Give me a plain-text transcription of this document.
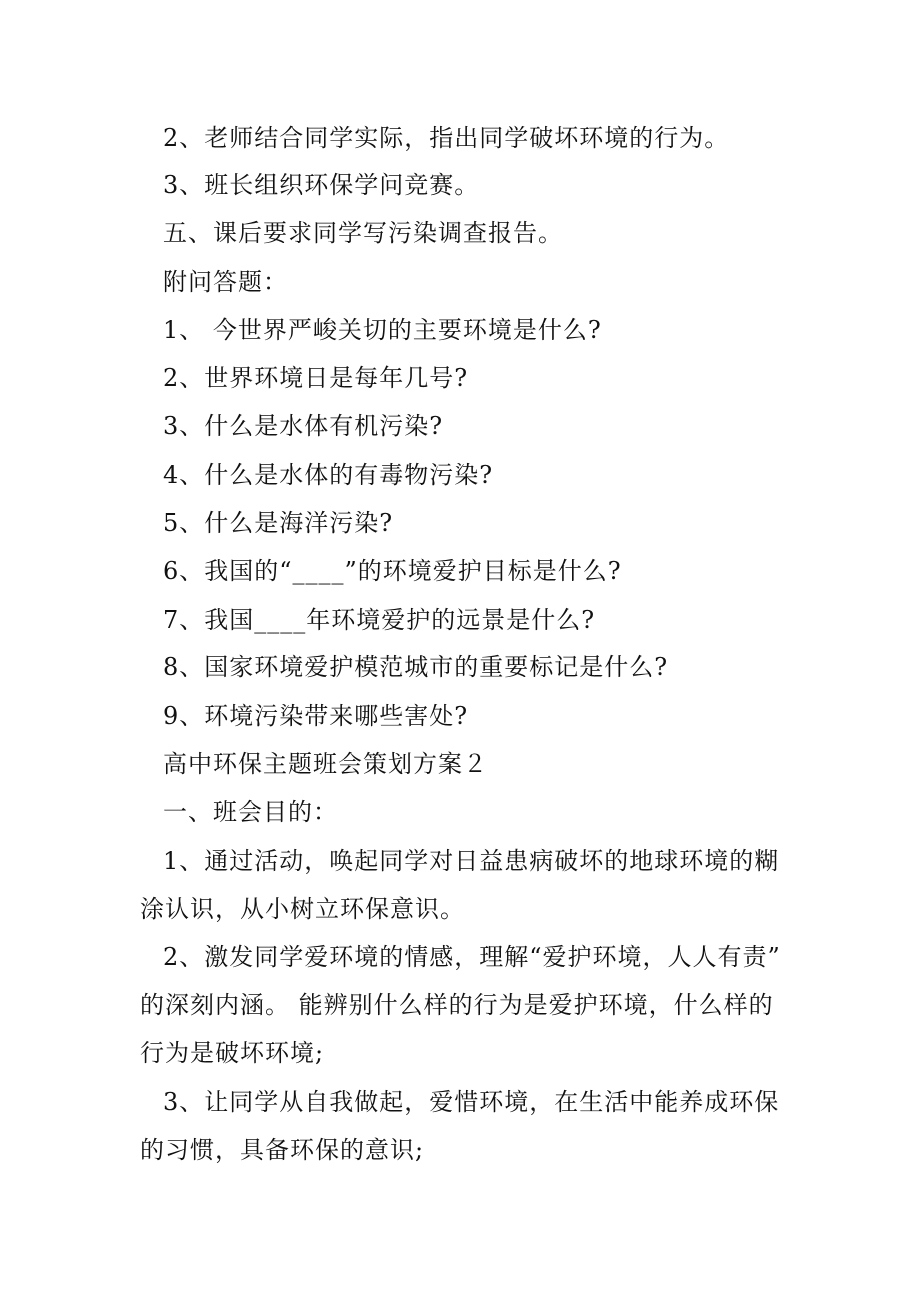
2、老师结合同学实际，指出同学破坏环境的行为。
3、班长组织环保学问竞赛。
五、课后要求同学写污染调查报告。
附问答题：
1、 今世界严峻关切的主要环境是什么?
2、世界环境日是每年几号?
3、什么是水体有机污染?
4、什么是水体的有毒物污染?
5、什么是海洋污染?
6、我国的“____”的环境爱护目标是什么?
7、我国____年环境爱护的远景是什么?
8、国家环境爱护模范城市的重要标记是什么?
9、环境污染带来哪些害处?
高中环保主题班会策划方案２
一、班会目的：
1、通过活动，唤起同学对日益患病破坏的地球环境的糊
涂认识，从小树立环保意识。
2、激发同学爱环境的情感，理解“爱护环境，人人有责”
的深刻内涵。 能辨别什么样的行为是爱护环境，什么样的
行为是破坏环境;
3、让同学从自我做起，爱惜环境，在生活中能养成环保
的习惯，具备环保的意识;
